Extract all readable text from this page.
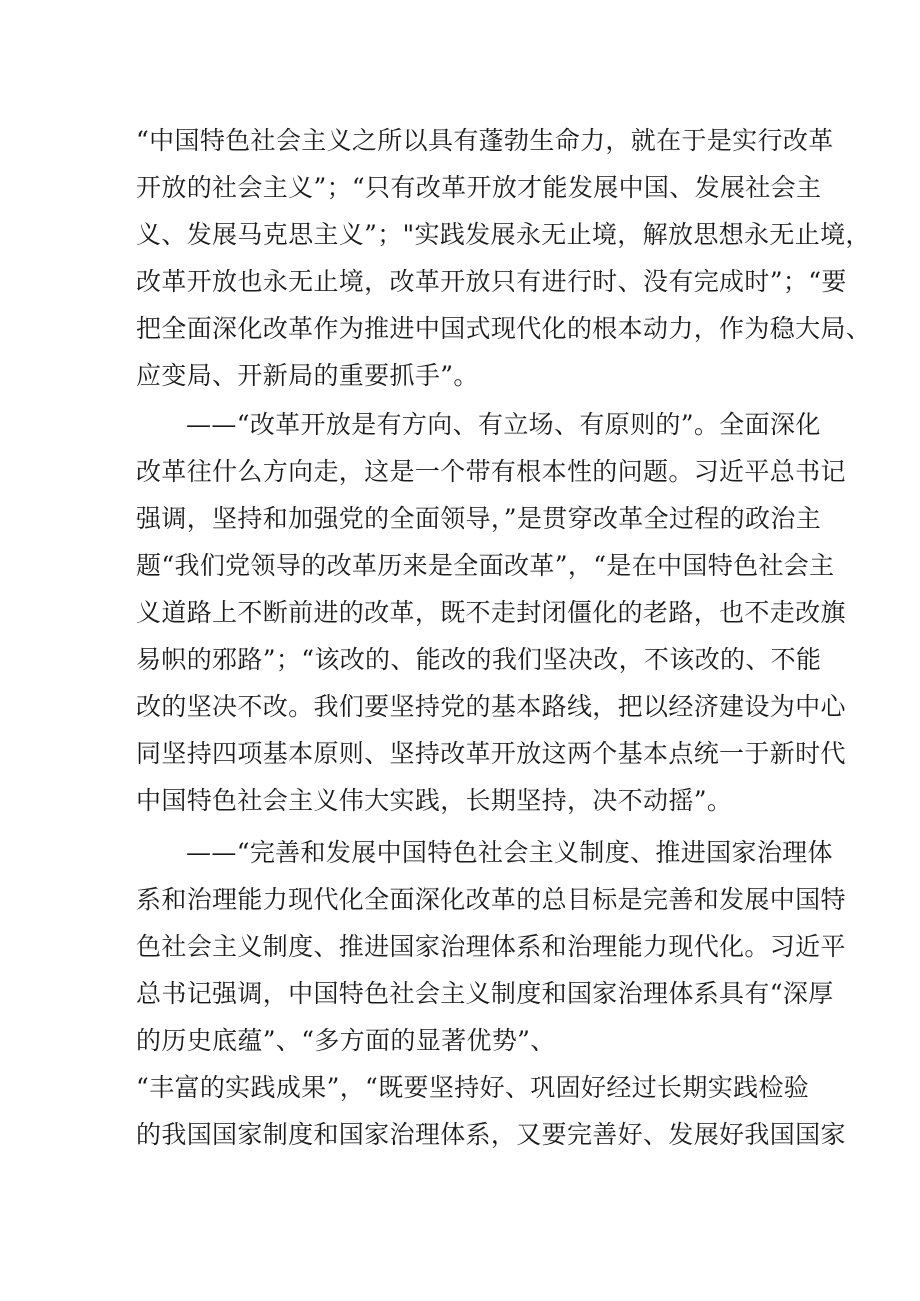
“中国特色社会主义之所以具有蓬勃生命力，就在于是实行改革
开放的社会主义”；“只有改革开放才能发展中国、发展社会主
义、发展马克思主义”；"实践发展永无止境，解放思想永无止境，
改革开放也永无止境，改革开放只有进行时、没有完成时”；“要
把全面深化改革作为推进中国式现代化的根本动力，作为稳大局、
应变局、开新局的重要抓手”。
——“改革开放是有方向、有立场、有原则的”。全面深化
改革往什么方向走，这是一个带有根本性的问题。习近平总书记
强调，坚持和加强党的全面领导，”是贯穿改革全过程的政治主
题“我们党领导的改革历来是全面改革”，“是在中国特色社会主
义道路上不断前进的改革，既不走封闭僵化的老路，也不走改旗
易帜的邪路”；“该改的、能改的我们坚决改，不该改的、不能
改的坚决不改。我们要坚持党的基本路线，把以经济建设为中心
同坚持四项基本原则、坚持改革开放这两个基本点统一于新时代
中国特色社会主义伟大实践，长期坚持，决不动摇”。
——“完善和发展中国特色社会主义制度、推进国家治理体
系和治理能力现代化全面深化改革的总目标是完善和发展中国特
色社会主义制度、推进国家治理体系和治理能力现代化。习近平
总书记强调，中国特色社会主义制度和国家治理体系具有“深厚
的历史底蕴”、“多方面的显著优势”、
“丰富的实践成果”，“既要坚持好、巩固好经过长期实践检验
的我国国家制度和国家治理体系，又要完善好、发展好我国国家
